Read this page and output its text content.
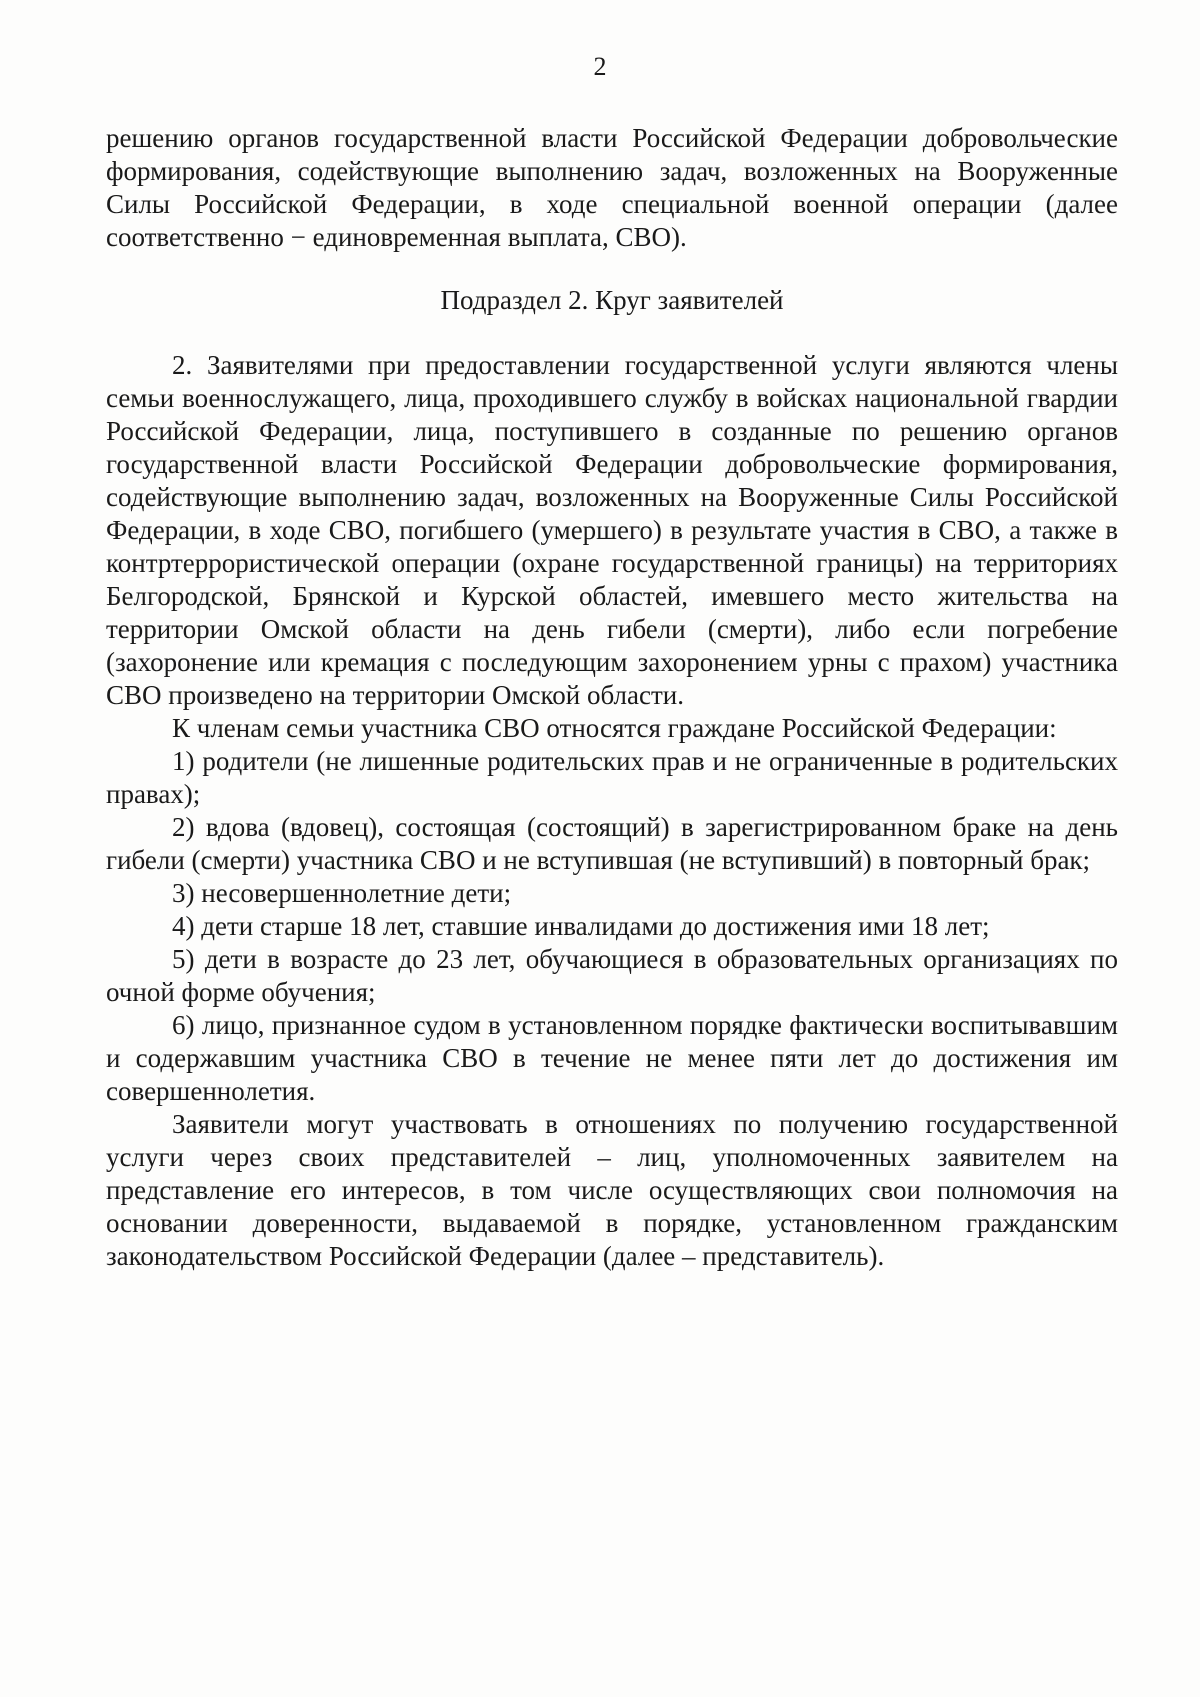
2

решению органов государственной власти Российской Федерации добровольческие формирования, содействующие выполнению задач, возложенных на Вооруженные Силы Российской Федерации, в ходе специальной военной операции (далее соответственно − единовременная выплата, СВО).

Подраздел 2. Круг заявителей

2. Заявителями при предоставлении государственной услуги являются члены семьи военнослужащего, лица, проходившего службу в войсках национальной гвардии Российской Федерации, лица, поступившего в созданные по решению органов государственной власти Российской Федерации добровольческие формирования, содействующие выполнению задач, возложенных на Вооруженные Силы Российской Федерации, в ходе СВО, погибшего (умершего) в результате участия в СВО, а также в контртеррористической операции (охране государственной границы) на территориях Белгородской, Брянской и Курской областей, имевшего место жительства на территории Омской области на день гибели (смерти), либо если погребение (захоронение или кремация с последующим захоронением урны с прахом) участника СВО произведено на территории Омской области.

К членам семьи участника СВО относятся граждане Российской Федерации:

1) родители (не лишенные родительских прав и не ограниченные в родительских правах);

2) вдова (вдовец), состоящая (состоящий) в зарегистрированном браке на день гибели (смерти) участника СВО и не вступившая (не вступивший) в повторный брак;

3) несовершеннолетние дети;

4) дети старше 18 лет, ставшие инвалидами до достижения ими 18 лет;

5) дети в возрасте до 23 лет, обучающиеся в образовательных организациях по очной форме обучения;

6) лицо, признанное судом в установленном порядке фактически воспитывавшим и содержавшим участника СВО в течение не менее пяти лет до достижения им совершеннолетия.

Заявители могут участвовать в отношениях по получению государственной услуги через своих представителей – лиц, уполномоченных заявителем на представление его интересов, в том числе осуществляющих свои полномочия на основании доверенности, выдаваемой в порядке, установленном гражданским законодательством Российской Федерации (далее – представитель).
